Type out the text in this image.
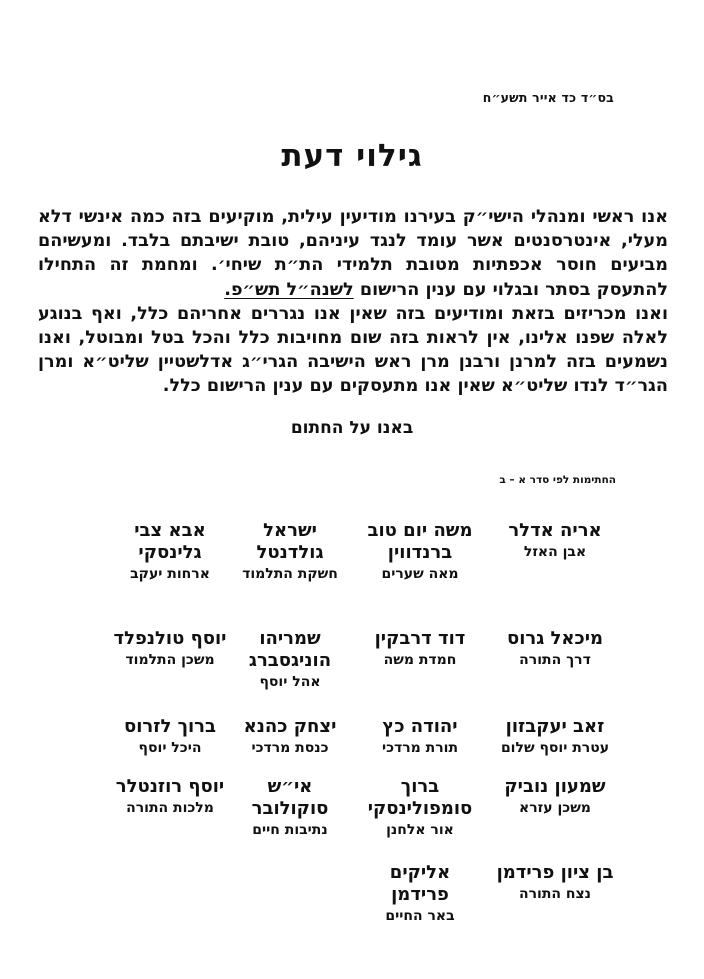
בס״ד כד אייר תשע״ח
גילוי דעת

אנו ראשי ומנהלי הישי״ק בעירנו מודיעין עילית, מוקיעים בזה כמה אינשי דלא מעלי, אינטרסנטים אשר עומד לנגד עיניהם, טובת ישיבתם בלבד. ומעשיהם מביעים חוסר אכפתיות מטובת תלמידי הת״ת שיחי׳. ומחמת זה התחילו להתעסק בסתר ובגלוי עם ענין הרישום לשנה״ל תש״פ.

ואנו מכריזים בזאת ומודיעים בזה שאין אנו נגררים אחריהם כלל, ואף בנוגע לאלה שפנו אלינו, אין לראות בזה שום מחויבות כלל והכל בטל ומבוטל, ואנו נשמעים בזה למרנן ורבנן מרן ראש הישיבה הגרי״ג אדלשטיין שליט״א ומרן הגר״ד לנדו שליט״א שאין אנו מתעסקים עם ענין הרישום כלל.

באנו על החתום
החתימות לפי סדר א – ב
אריה אדלר
אבן האזל
משה יום טוב ברנדווין
מאה שערים
ישראל גולדנטל
חשקת התלמוד
אבא צבי גלינסקי
ארחות יעקב
מיכאל גרוס
דרך התורה
דוד דרבקין
חמדת משה
שמריהו הוניגסברג
אהל יוסף
יוסף טולנפלד
משכן התלמוד
זאב יעקבזון
עטרת יוסף שלום
יהודה כץ
תורת מרדכי
יצחק כהנא
כנסת מרדכי
ברוך לזרוס
היכל יוסף
שמעון נוביק
משכן עזרא
ברוך סומפולינסקי
אור אלחנן
אי״ש סוקולובר
נתיבות חיים
יוסף רוזנטלר
מלכות התורה
בן ציון פרידמן
נצח התורה
אליקים פרידמן
באר החיים
